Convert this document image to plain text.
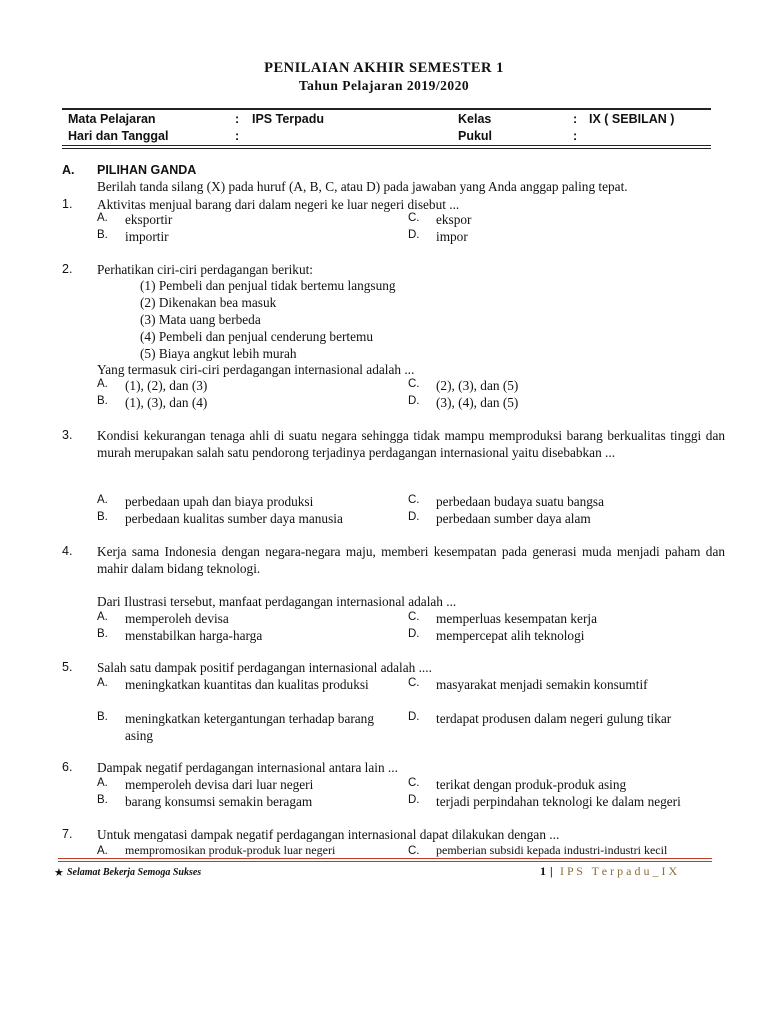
PENILAIAN AKHIR SEMESTER 1
Tahun Pelajaran 2019/2020
Mata Pelajaran	: IPS Terpadu	Kelas	: IX ( SEBILAN )
Hari dan Tanggal	:	Pukul	:
A. PILIHAN GANDA
Berilah tanda silang (X) pada huruf (A, B, C, atau D) pada jawaban yang Anda anggap paling tepat.
1. Aktivitas menjual barang dari dalam negeri ke luar negeri disebut ...
A. eksportir
B. importir
C. ekspor
D. impor
2. Perhatikan ciri-ciri perdagangan berikut:
(1) Pembeli dan penjual tidak bertemu langsung
(2) Dikenakan bea masuk
(3) Mata uang berbeda
(4) Pembeli dan penjual cenderung bertemu
(5) Biaya angkut lebih murah
Yang termasuk ciri-ciri perdagangan internasional adalah ...
A. (1), (2), dan (3)
B. (1), (3), dan (4)
C. (2), (3), dan (5)
D. (3), (4), dan (5)
3. Kondisi kekurangan tenaga ahli di suatu negara sehingga tidak mampu memproduksi barang berkualitas tinggi dan murah merupakan salah satu pendorong terjadinya perdagangan internasional yaitu disebabkan ...
A. perbedaan upah dan biaya produksi
B. perbedaan kualitas sumber daya manusia
C. perbedaan budaya suatu bangsa
D. perbedaan sumber daya alam
4. Kerja sama Indonesia dengan negara-negara maju, memberi kesempatan pada generasi muda menjadi paham dan mahir dalam bidang teknologi.
Dari Ilustrasi tersebut, manfaat perdagangan internasional adalah ...
A. memperoleh devisa
B. menstabilkan harga-harga
C. memperluas kesempatan kerja
D. mempercepat alih teknologi
5. Salah satu dampak positif perdagangan internasional adalah ....
A. meningkatkan kuantitas dan kualitas produksi
B. meningkatkan ketergantungan terhadap barang asing
C. masyarakat menjadi semakin konsumtif
D. terdapat produsen dalam negeri gulung tikar
6. Dampak negatif perdagangan internasional antara lain ...
A. memperoleh devisa dari luar negeri
B. barang konsumsi semakin beragam
C. terikat dengan produk-produk asing
D. terjadi perpindahan teknologi ke dalam negeri
7. Untuk mengatasi dampak negatif perdagangan internasional dapat dilakukan dengan ...
A. mempromosikan produk-produk luar negeri	C. pemberian subsidi kepada industri-industri kecil
★ Selamat Bekerja Semoga Sukses	1 | I P S   T e r p a d u _ I X
